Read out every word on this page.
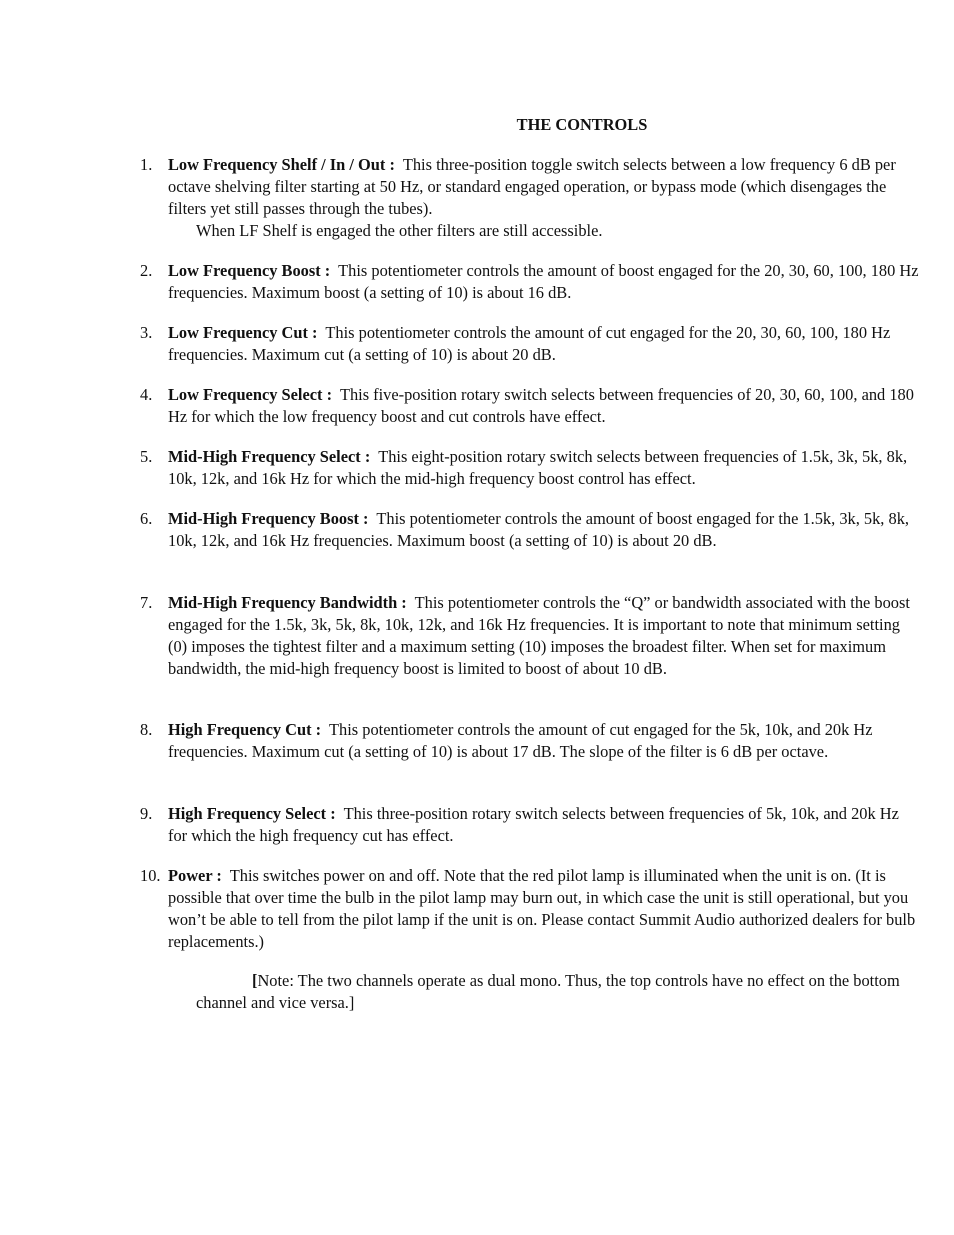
THE CONTROLS
1. Low Frequency Shelf / In / Out : This three-position toggle switch selects between a low frequency 6 dB per octave shelving filter starting at 50 Hz, or standard engaged operation, or bypass mode (which disengages the filters yet still passes through the tubes).
When LF Shelf is engaged the other filters are still accessible.
2. Low Frequency Boost : This potentiometer controls the amount of boost engaged for the 20, 30, 60, 100, 180 Hz frequencies. Maximum boost (a setting of 10) is about 16 dB.
3. Low Frequency Cut : This potentiometer controls the amount of cut engaged for the 20, 30, 60, 100, 180 Hz frequencies. Maximum cut (a setting of 10) is about 20 dB.
4. Low Frequency Select : This five-position rotary switch selects between frequencies of 20, 30, 60, 100, and 180 Hz for which the low frequency boost and cut controls have effect.
5. Mid-High Frequency Select : This eight-position rotary switch selects between frequencies of 1.5k, 3k, 5k, 8k, 10k, 12k, and 16k Hz for which the mid-high frequency boost control has effect.
6. Mid-High Frequency Boost : This potentiometer controls the amount of boost engaged for the 1.5k, 3k, 5k, 8k, 10k, 12k, and 16k Hz frequencies. Maximum boost (a setting of 10) is about 20 dB.
7. Mid-High Frequency Bandwidth : This potentiometer controls the “Q” or bandwidth associated with the boost engaged for the 1.5k, 3k, 5k, 8k, 10k, 12k, and 16k Hz frequencies. It is important to note that minimum setting (0) imposes the tightest filter and a maximum setting (10) imposes the broadest filter. When set for maximum bandwidth, the mid-high frequency boost is limited to boost of about 10 dB.
8. High Frequency Cut : This potentiometer controls the amount of cut engaged for the 5k, 10k, and 20k Hz frequencies. Maximum cut (a setting of 10) is about 17 dB. The slope of the filter is 6 dB per octave.
9. High Frequency Select : This three-position rotary switch selects between frequencies of 5k, 10k, and 20k Hz for which the high frequency cut has effect.
10. Power : This switches power on and off. Note that the red pilot lamp is illuminated when the unit is on. (It is possible that over time the bulb in the pilot lamp may burn out, in which case the unit is still operational, but you won’t be able to tell from the pilot lamp if the unit is on. Please contact Summit Audio authorized dealers for bulb replacements.)
[Note: The two channels operate as dual mono. Thus, the top controls have no effect on the bottom channel and vice versa.]
